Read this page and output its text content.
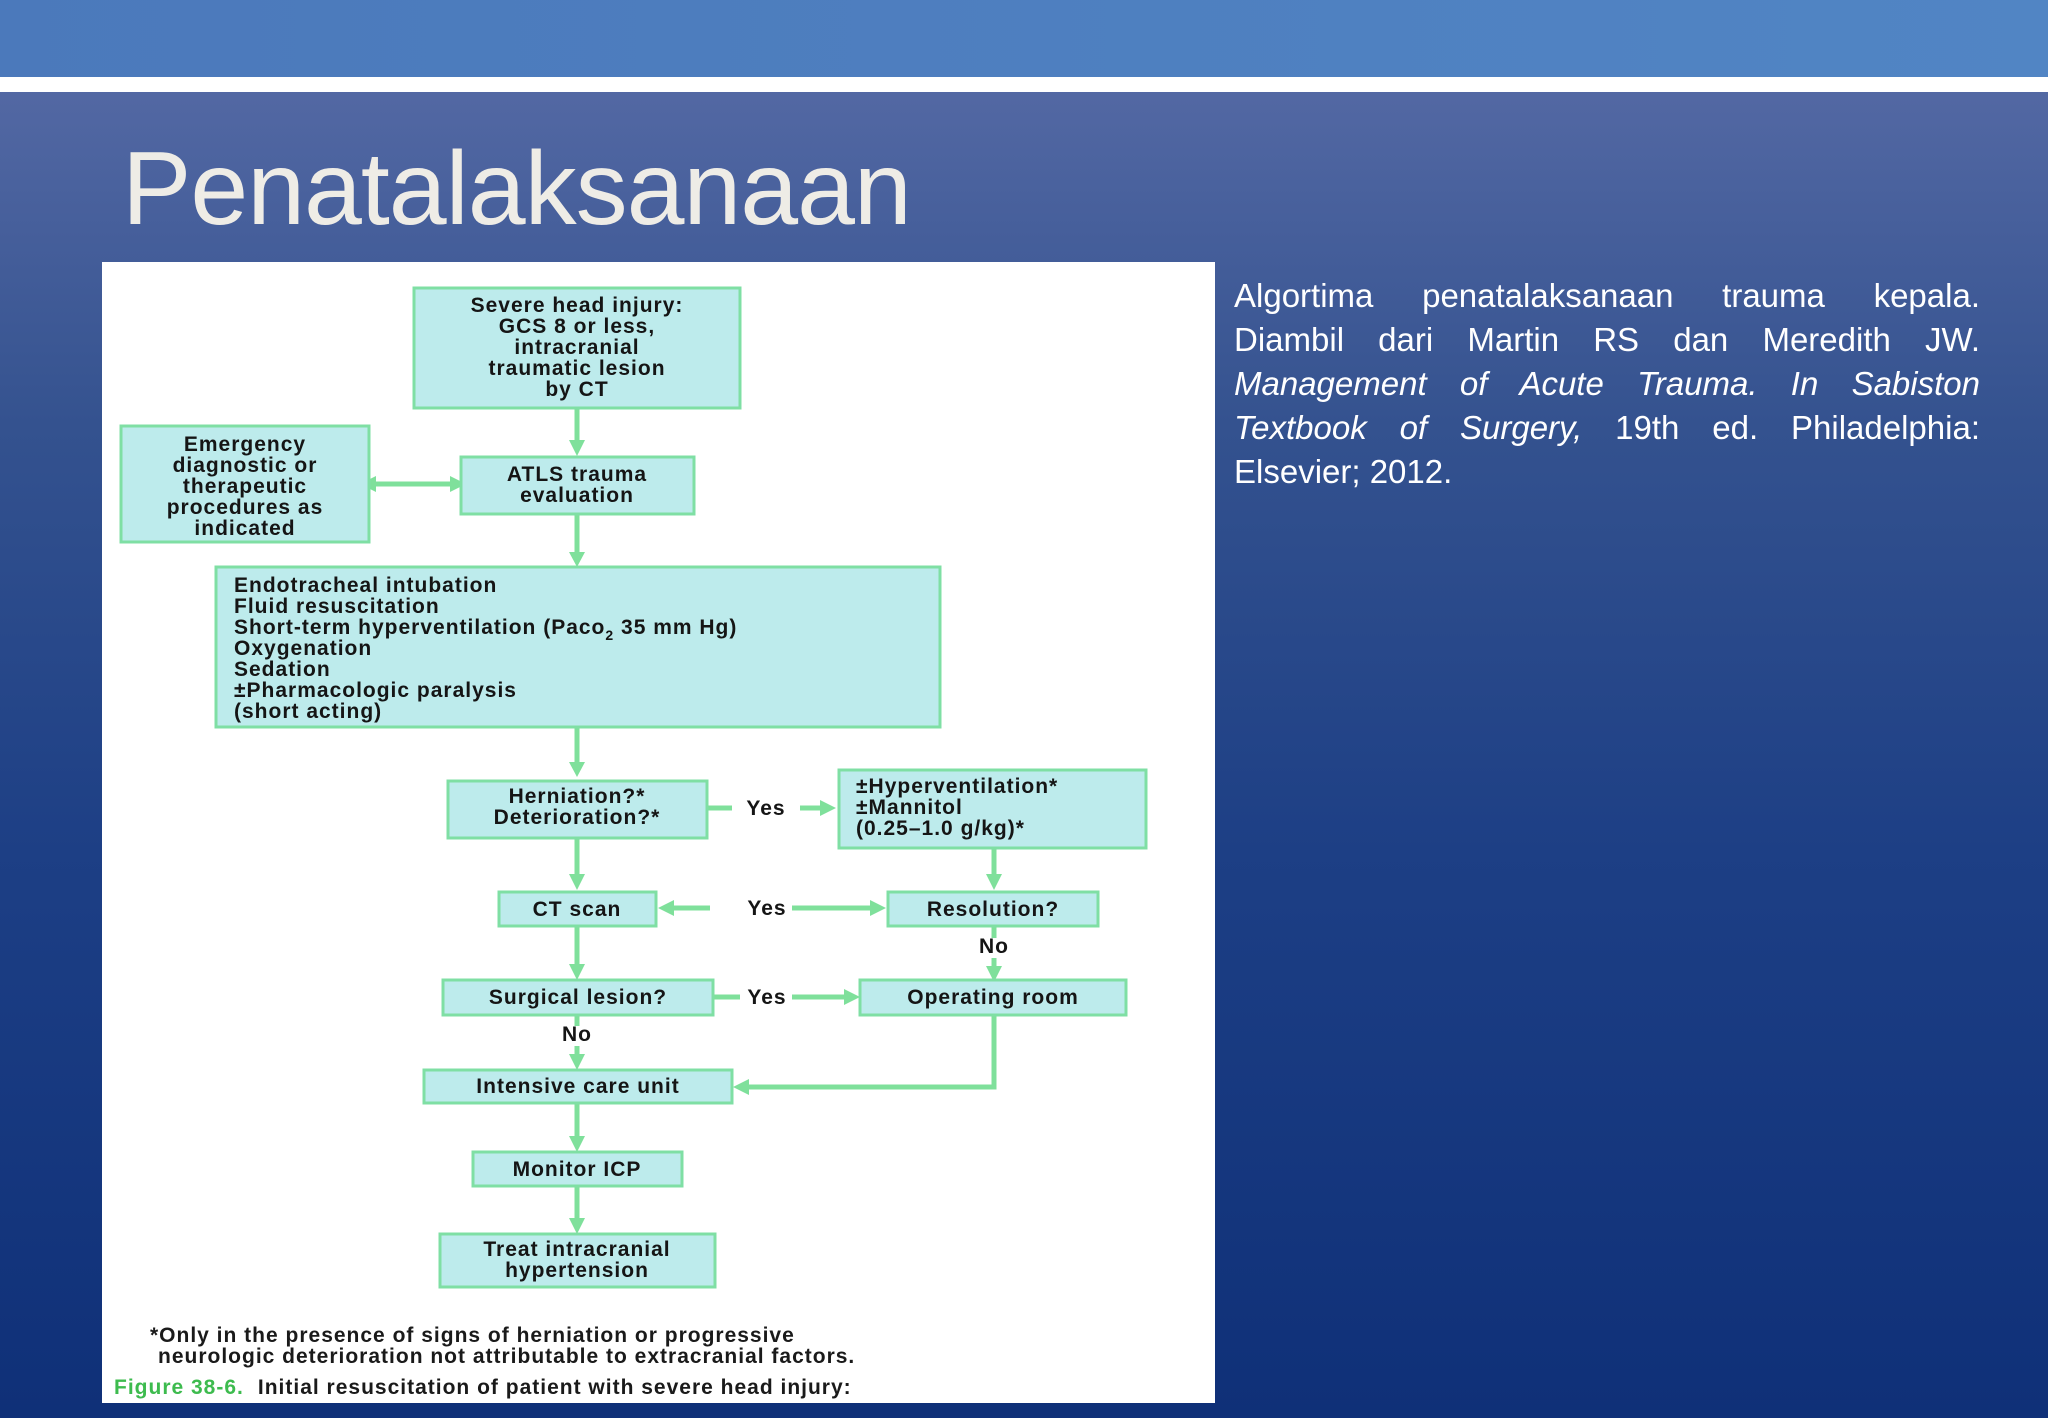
Penatalaksanaan
Algortima penatalaksanaan trauma kepala. Diambil dari Martin RS dan Meredith JW. Management of Acute Trauma. In Sabiston Textbook of Surgery, 19th ed. Philadelphia: Elsevier; 2012.
Severe head injury: GCS 8 or less, intracranial traumatic lesion by CT
Emergency diagnostic or therapeutic procedures as indicated
ATLS trauma evaluation
Endotracheal intubation Fluid resuscitation Short-term hyperventilation (Paco$_2$ 35 mm Hg) Oxygenation Sedation ±Pharmacologic paralysis (short acting)
Herniation?* Deterioration?*	Yes
±Hyperventilation* ±Mannitol (0.25–1.0 g/kg)*
CT scan	Yes	Resolution?
No
Surgical lesion?	Yes
No
Operating room
Intensive care unit
Monitor ICP
Treat intracranial hypertension
*Only in the presence of signs of herniation or progressive neurologic deterioration not attributable to extracranial factors.
Figure 38-6. Initial resuscitation of patient with severe head injury:
